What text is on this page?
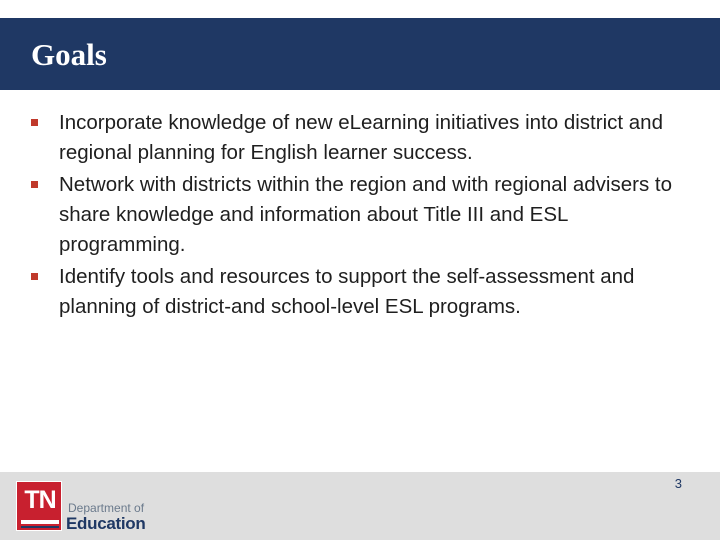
Goals
Incorporate knowledge of new eLearning initiatives into district and regional planning for English learner success.
Network with districts within the region and with regional advisers to share knowledge and information about Title III and ESL programming.
Identify tools and resources to support the self-assessment and planning of district-and school-level ESL programs.
TN	Department of
Education
3
